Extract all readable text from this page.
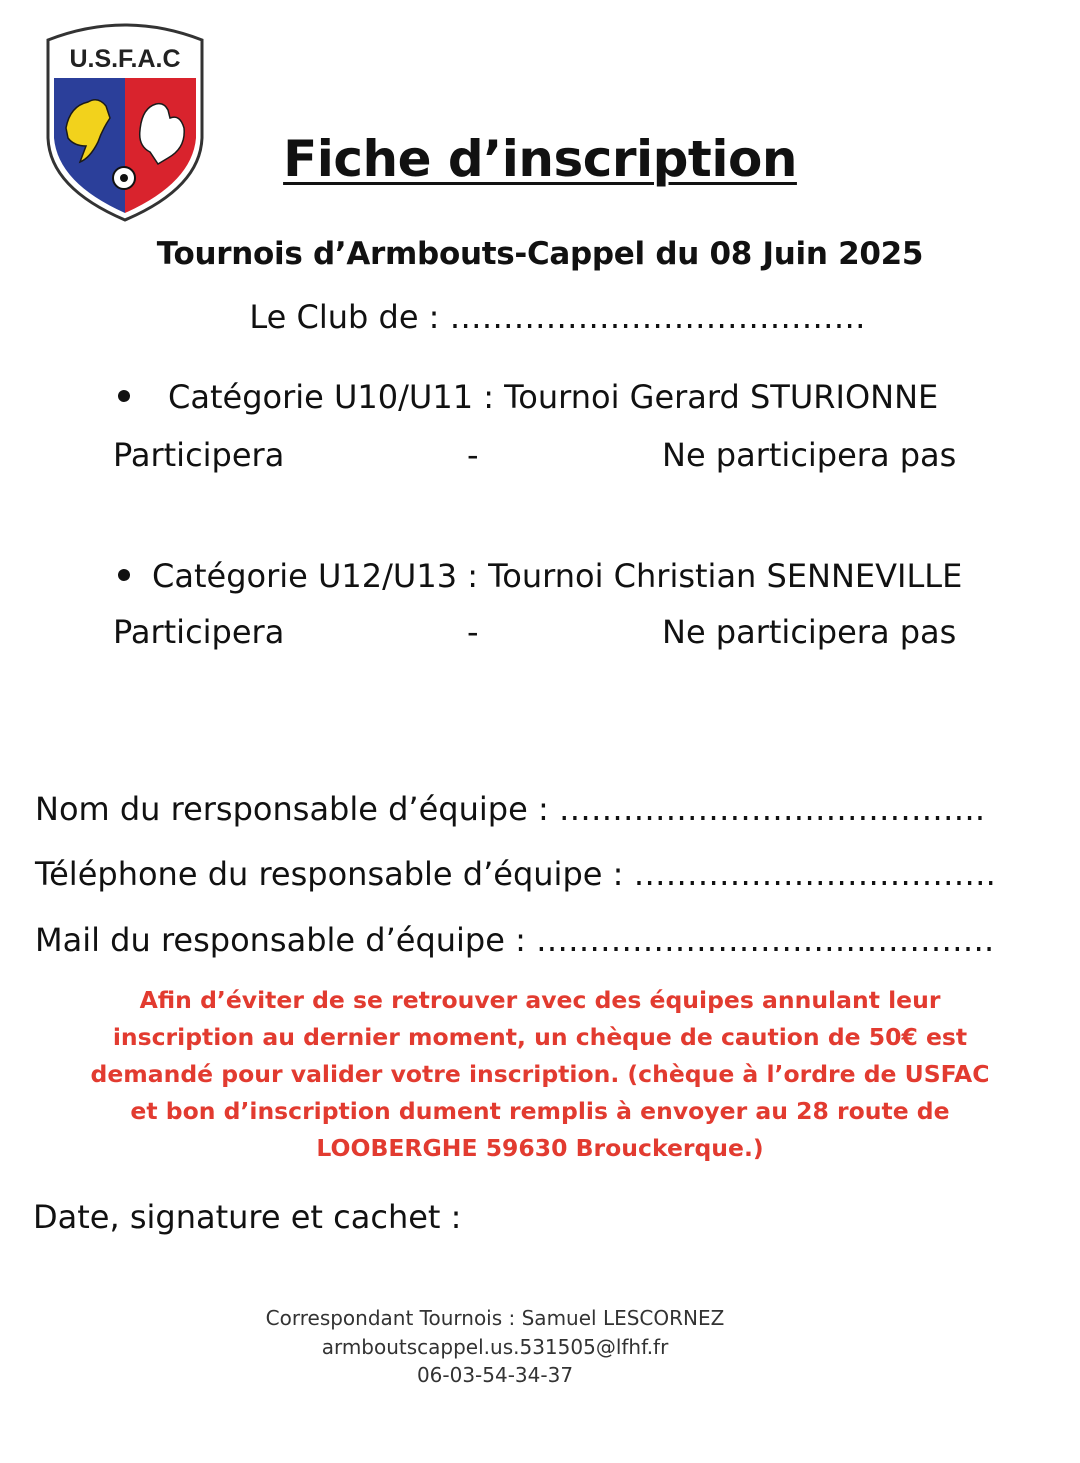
U.S.F.A.C
Fiche d’inscription
Tournois d’Armbouts-Cappel du 08 Juin 2025
Le Club de : …………………………………
Catégorie U10/U11 : Tournoi Gerard STURIONNE
Participera	-	Ne participera pas
Catégorie U12/U13 : Tournoi Christian SENNEVILLE
Participera	-	Ne participera pas
Nom du rersponsable d’équipe : ………………………………….
Téléphone du responsable d’équipe : …………………………….
Mail du responsable d’équipe : …………………………………….
Afin d’éviter de se retrouver avec des équipes annulant leur inscription au dernier moment, un chèque de caution de 50€ est demandé pour valider votre inscription. (chèque à l’ordre de USFAC et bon d’inscription dument remplis à envoyer au 28 route de LOOBERGHE 59630 Brouckerque.)
Date, signature et cachet :
Correspondant Tournois : Samuel LESCORNEZ
armboutscappel.us.531505@lfhf.fr
06-03-54-34-37
